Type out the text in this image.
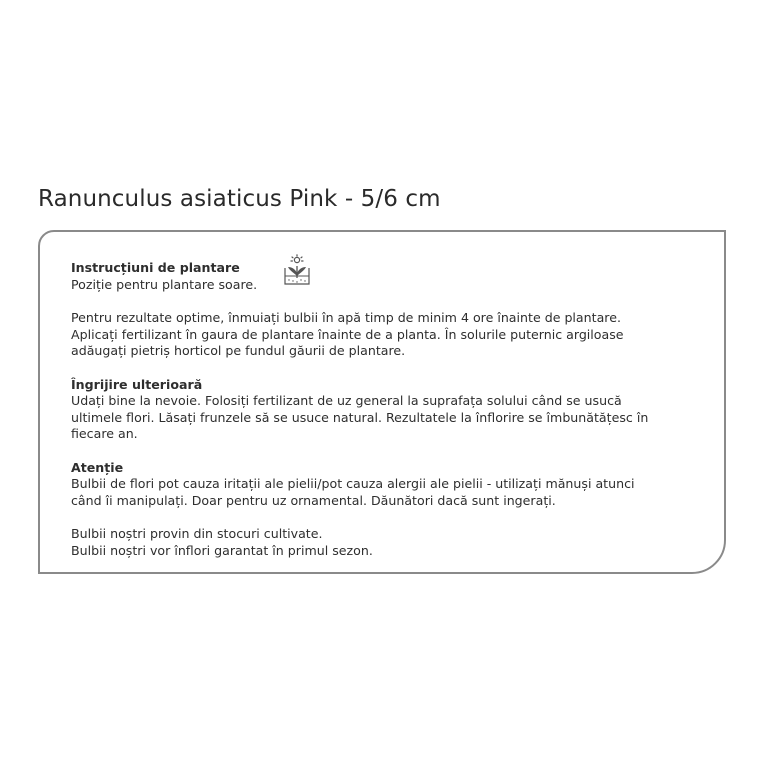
Ranunculus asiaticus Pink - 5/6 cm
Instrucțiuni de plantare
Poziție pentru plantare soare.
Pentru rezultate optime, înmuiați bulbii în apă timp de minim 4 ore înainte de plantare.
Aplicați fertilizant în gaura de plantare înainte de a planta. În solurile puternic argiloase
adăugați pietriș horticol pe fundul găurii de plantare.
Îngrijire ulterioară
Udați bine la nevoie. Folosiți fertilizant de uz general la suprafața solului când se usucă
ultimele flori. Lăsați frunzele să se usuce natural. Rezultatele la înflorire se îmbunătățesc în
fiecare an.
Atenție
Bulbii de flori pot cauza iritații ale pielii/pot cauza alergii ale pielii - utilizați mănuși atunci
când îi manipulați. Doar pentru uz ornamental. Dăunători dacă sunt ingerați.
Bulbii noștri provin din stocuri cultivate.
Bulbii noștri vor înflori garantat în primul sezon.
